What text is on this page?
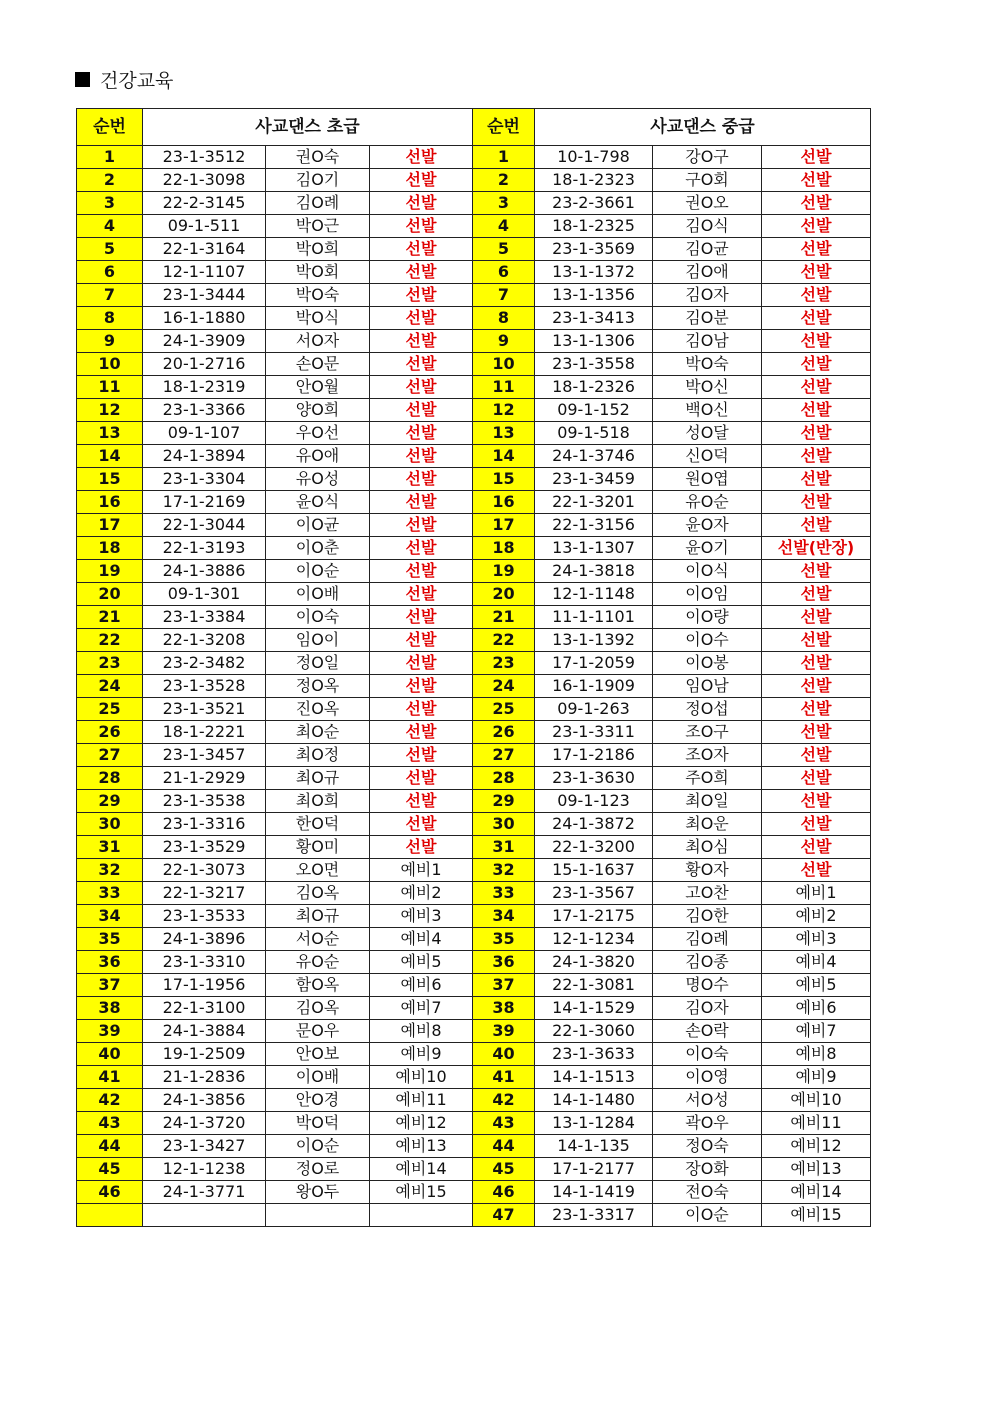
건강교육
순번	사교댄스 초급		
1	23-1-3512	권O숙	선발
2	22-1-3098	김O기	선발
3	22-2-3145	김O례	선발
4	09-1-511	박O근	선발
5	22-1-3164	박O희	선발
6	12-1-1107	박O회	선발
7	23-1-3444	박O숙	선발
8	16-1-1880	박O식	선발
9	24-1-3909	서O자	선발
10	20-1-2716	손O문	선발
11	18-1-2319	안O월	선발
12	23-1-3366	양O희	선발
13	09-1-107	우O선	선발
14	24-1-3894	유O애	선발
15	23-1-3304	유O성	선발
16	17-1-2169	윤O식	선발
17	22-1-3044	이O균	선발
18	22-1-3193	이O춘	선발
19	24-1-3886	이O순	선발
20	09-1-301	이O배	선발
21	23-1-3384	이O숙	선발
22	22-1-3208	임O이	선발
23	23-2-3482	정O일	선발
24	23-1-3528	정O옥	선발
25	23-1-3521	진O옥	선발
26	18-1-2221	최O순	선발
27	23-1-3457	최O정	선발
28	21-1-2929	최O규	선발
29	23-1-3538	최O희	선발
30	23-1-3316	한O덕	선발
31	23-1-3529	황O미	선발
32	22-1-3073	오O면	예비1
33	22-1-3217	김O옥	예비2
34	23-1-3533	최O규	예비3
35	24-1-3896	서O순	예비4
36	23-1-3310	유O순	예비5
37	17-1-1956	함O옥	예비6
38	22-1-3100	김O옥	예비7
39	24-1-3884	문O우	예비8
40	19-1-2509	안O보	예비9
41	21-1-2836	이O배	예비10
42	24-1-3856	안O경	예비11
43	24-1-3720	박O덕	예비12
44	23-1-3427	이O순	예비13
45	12-1-1238	정O로	예비14
46	24-1-3771	왕O두	예비15

순번	사교댄스 중급		
1	10-1-798	강O구	선발
2	18-1-2323	구O회	선발
3	23-2-3661	권O오	선발
4	18-1-2325	김O식	선발
5	23-1-3569	김O균	선발
6	13-1-1372	김O애	선발
7	13-1-1356	김O자	선발
8	23-1-3413	김O분	선발
9	13-1-1306	김O남	선발
10	23-1-3558	박O숙	선발
11	18-1-2326	박O신	선발
12	09-1-152	백O신	선발
13	09-1-518	성O달	선발
14	24-1-3746	신O덕	선발
15	23-1-3459	원O엽	선발
16	22-1-3201	유O순	선발
17	22-1-3156	윤O자	선발
18	13-1-1307	윤O기	선발(반장)
19	24-1-3818	이O식	선발
20	12-1-1148	이O임	선발
21	11-1-1101	이O량	선발
22	13-1-1392	이O수	선발
23	17-1-2059	이O봉	선발
24	16-1-1909	임O남	선발
25	09-1-263	정O섭	선발
26	23-1-3311	조O구	선발
27	17-1-2186	조O자	선발
28	23-1-3630	주O희	선발
29	09-1-123	최O일	선발
30	24-1-3872	최O운	선발
31	22-1-3200	최O심	선발
32	15-1-1637	황O자	선발
33	23-1-3567	고O찬	예비1
34	17-1-2175	김O한	예비2
35	12-1-1234	김O례	예비3
36	24-1-3820	김O종	예비4
37	22-1-3081	명O수	예비5
38	14-1-1529	김O자	예비6
39	22-1-3060	손O락	예비7
40	23-1-3633	이O숙	예비8
41	14-1-1513	이O영	예비9
42	14-1-1480	서O성	예비10
43	13-1-1284	곽O우	예비11
44	14-1-135	정O숙	예비12
45	17-1-2177	장O화	예비13
46	14-1-1419	전O숙	예비14
47	23-1-3317	이O순	예비15
